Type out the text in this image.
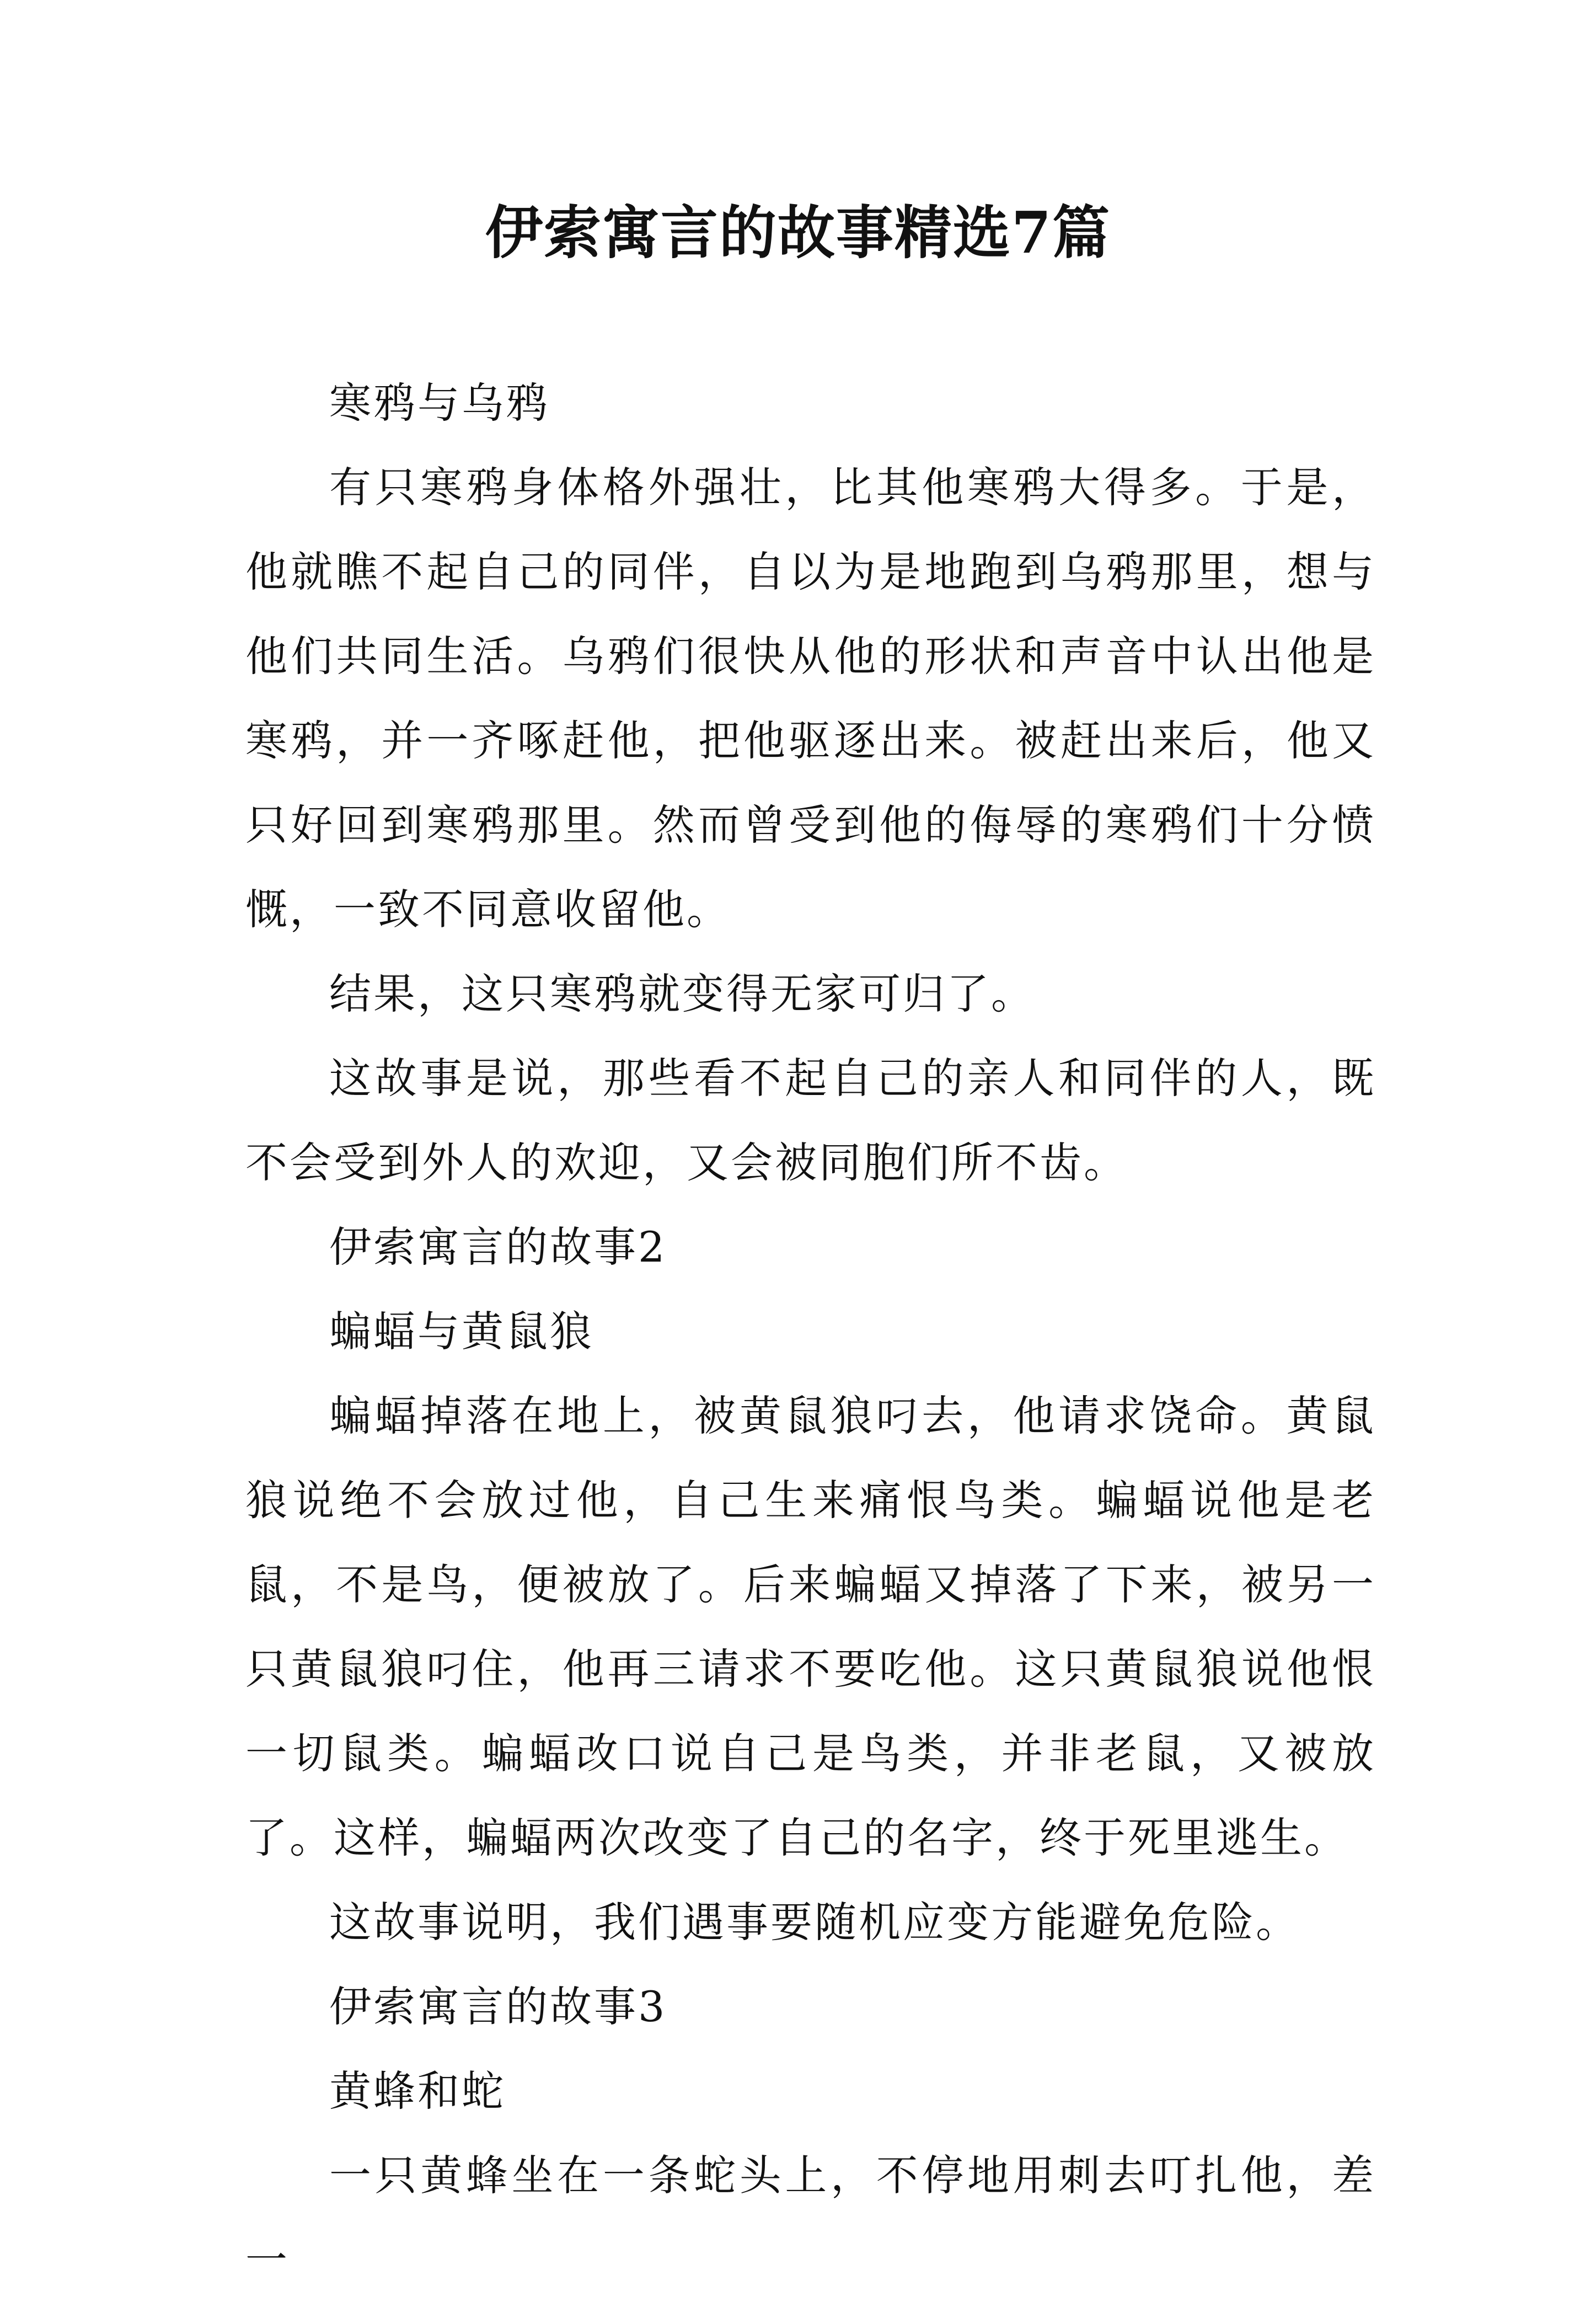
伊索寓言的故事精选7篇

寒鸦与乌鸦

有只寒鸦身体格外强壮，比其他寒鸦大得多。于是，他就瞧不起自己的同伴，自以为是地跑到乌鸦那里，想与他们共同生活。乌鸦们很快从他的形状和声音中认出他是寒鸦，并一齐啄赶他，把他驱逐出来。被赶出来后，他又只好回到寒鸦那里。然而曾受到他的侮辱的寒鸦们十分愤慨，一致不同意收留他。

结果，这只寒鸦就变得无家可归了。

这故事是说，那些看不起自己的亲人和同伴的人，既不会受到外人的欢迎，又会被同胞们所不齿。

伊索寓言的故事2

蝙蝠与黄鼠狼

蝙蝠掉落在地上，被黄鼠狼叼去，他请求饶命。黄鼠狼说绝不会放过他，自己生来痛恨鸟类。蝙蝠说他是老鼠，不是鸟，便被放了。后来蝙蝠又掉落了下来，被另一只黄鼠狼叼住，他再三请求不要吃他。这只黄鼠狼说他恨一切鼠类。蝙蝠改口说自己是鸟类，并非老鼠，又被放了。这样，蝙蝠两次改变了自己的名字，终于死里逃生。

这故事说明，我们遇事要随机应变方能避免危险。

伊索寓言的故事3

黄蜂和蛇

一只黄蜂坐在一条蛇头上，不停地用刺去叮扎他，差一
